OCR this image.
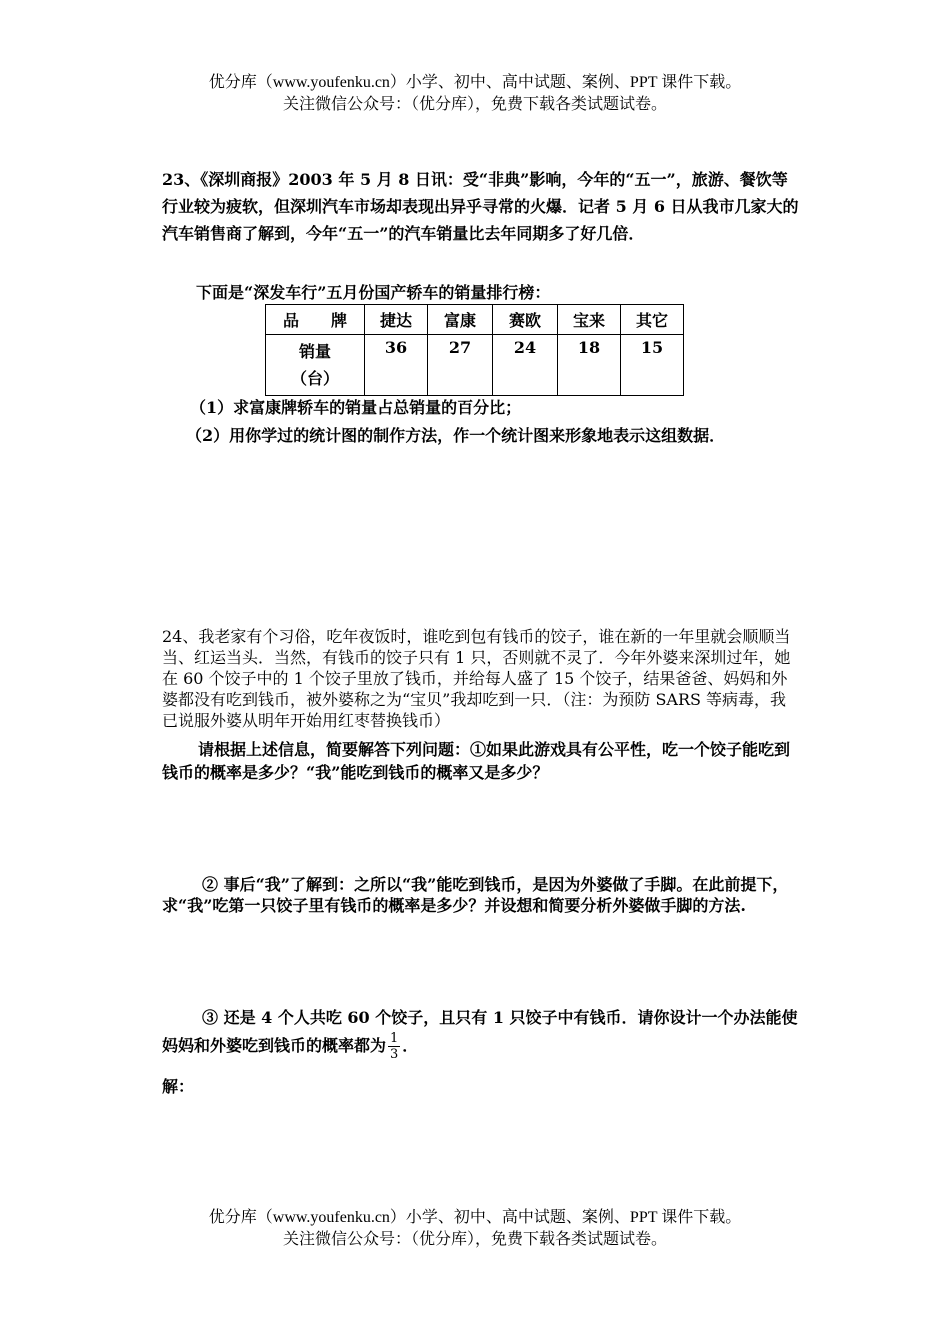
优分库（www.youfenku.cn）小学、初中、高中试题、案例、PPT 课件下载。
关注微信公众号：（优分库），免费下载各类试题试卷。
23、《深圳商报》2003 年 5 月 8 日讯：受“非典”影响，今年的“五一”，旅游、餐饮等行业较为疲软，但深圳汽车市场却表现出异乎寻常的火爆．记者 5 月 6 日从我市几家大的汽车销售商了解到，今年“五一”的汽车销量比去年同期多了好几倍．
下面是“深发车行”五月份国产轿车的销量排行榜：
品　　牌	捷达	富康	赛欧	宝来	其它

销量
（台）	36	27	24	18	15
（1）求富康牌轿车的销量占总销量的百分比；
（2）用你学过的统计图的制作方法，作一个统计图来形象地表示这组数据．
24、我老家有个习俗，吃年夜饭时，谁吃到包有钱币的饺子，谁在新的一年里就会顺顺当当、红运当头．当然，有钱币的饺子只有 1 只，否则就不灵了．今年外婆来深圳过年，她在 60 个饺子中的 1 个饺子里放了钱币，并给每人盛了 15 个饺子，结果爸爸、妈妈和外婆都没有吃到钱币，被外婆称之为“宝贝”我却吃到一只．（注：为预防 SARS 等病毒，我已说服外婆从明年开始用红枣替换钱币）
请根据上述信息，简要解答下列问题：①如果此游戏具有公平性，吃一个饺子能吃到钱币的概率是多少？“我”能吃到钱币的概率又是多少？
② 事后“我”了解到：之所以“我”能吃到钱币，是因为外婆做了手脚。在此前提下，求“我”吃第一只饺子里有钱币的概率是多少？并设想和简要分析外婆做手脚的方法.
③ 还是 4 个人共吃 60 个饺子，且只有 1 只饺子中有钱币．请你设计一个办法能使妈妈和外婆吃到钱币的概率都为 $\frac{1}{3}$ ．
解：
优分库（www.youfenku.cn）小学、初中、高中试题、案例、PPT 课件下载。
关注微信公众号：（优分库），免费下载各类试题试卷。
